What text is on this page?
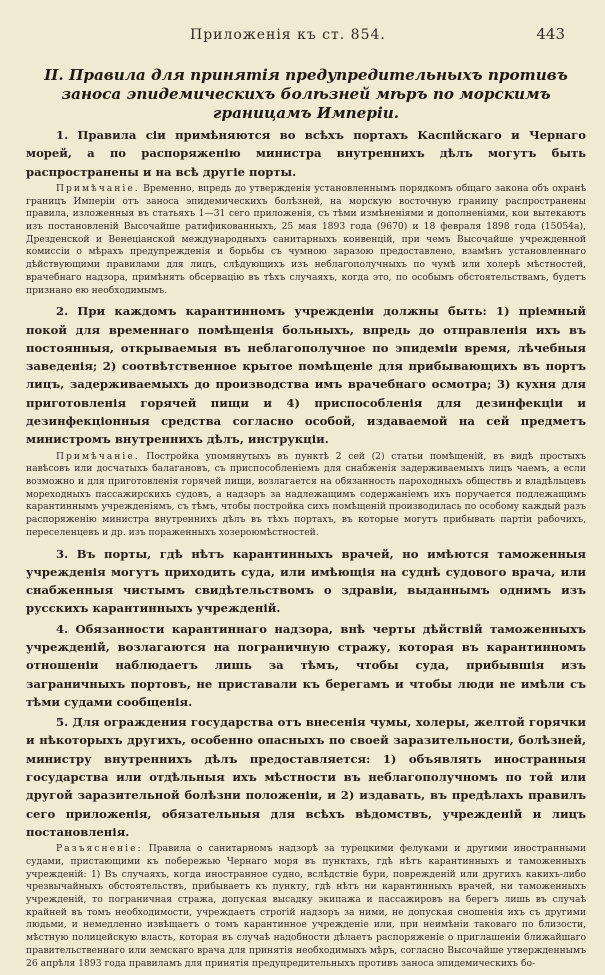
Приложенія къ ст. 854.	443
II. Правила для принятія предупредительныхъ противъ заноса эпидемическихъ болѣзней мѣръ по морскимъ границамъ Имперіи.

1. Правила сіи примѣняются во всѣхъ портахъ Каспійскаго и Чернаго морей, а по распоряженію министра внутреннихъ дѣлъ могутъ быть распространены и на всѣ другіе порты.

Примѣчаніе. Временно, впредь до утвержденія установленнымъ порядкомъ общаго закона объ охранѣ границъ Имперіи отъ заноса эпидемическихъ болѣзней, на морскую восточную границу распространены правила, изложенныя въ статьяхъ 1—31 сего приложенія, съ тѣми измѣненіями и дополненіями, кои вытекаютъ изъ постановленій Высочайше ратификованныхъ, 25 мая 1893 года (9670) и 18 февраля 1898 года (15054а), Дрезденской и Венеціанской международныхъ санитарныхъ конвенцій, при чемъ Высочайше учрежденной комиссіи о мѣрахъ предупрежденія и борьбы съ чумною заразою предоставлено, взамѣнъ установленнаго дѣйствующими правилами для лицъ, слѣдующихъ изъ неблагополучныхъ по чумѣ или холерѣ мѣстностей, врачебнаго надзора, примѣнять обсервацію въ тѣхъ случаяхъ, когда это, по особымъ обстоятельствамъ, будетъ признано ею необходимымъ.

2. При каждомъ карантинномъ учрежденіи должны быть: 1) пріемный покой для временнаго помѣщенія больныхъ, впредь до отправленія ихъ въ постоянныя, открываемыя въ неблагополучное по эпидеміи время, лѣчебныя заведенія; 2) соотвѣтственное крытое помѣщеніе для прибывающихъ въ портъ лицъ, задерживаемыхъ до производства имъ врачебнаго осмотра; 3) кухня для приготовленія горячей пищи и 4) приспособленія для дезинфекціи и дезинфекціонныя средства согласно особой, издаваемой на сей предметъ министромъ внутреннихъ дѣлъ, инструкціи.

Примѣчаніе. Постройка упомянутыхъ въ пунктѣ 2 сей (2) статьи помѣщеній, въ видѣ простыхъ навѣсовъ или досчатыхъ балагановъ, съ приспособленіемъ для снабженія задерживаемыхъ лицъ чаемъ, а если возможно и для приготовленія горячей пищи, возлагается на обязанность пароходныхъ обществъ и владѣльцевъ мореходныхъ пассажирскихъ судовъ, а надзоръ за надлежащимъ содержаніемъ ихъ поручается подлежащимъ карантиннымъ учрежденіямъ, съ тѣмъ, чтобы постройка сихъ помѣщеній производилась по особому каждый разъ распоряженію министра внутреннихъ дѣлъ въ тѣхъ портахъ, въ которые могутъ прибывать партіи рабочихъ, переселенцевъ и др. изъ пораженныхъ хозероюмѣстностей.

3. Въ порты, гдѣ нѣтъ карантинныхъ врачей, но имѣются таможенныя учрежденія могутъ приходить суда, или имѣющія на суднѣ судового врача, или снабженныя чистымъ свидѣтельствомъ о здравіи, выданнымъ однимъ изъ русскихъ карантинныхъ учрежденій.

4. Обязанности карантиннаго надзора, внѣ черты дѣйствій таможенныхъ учрежденій, возлагаются на пограничную стражу, которая въ карантинномъ отношеніи наблюдаетъ лишь за тѣмъ, чтобы суда, прибывшія изъ заграничныхъ портовъ, не приставали къ берегамъ и чтобы люди не имѣли съ тѣми судами сообщенія.

5. Для ограждения государства отъ внесенія чумы, холеры, желтой горячки и нѣкоторыхъ другихъ, особенно опасныхъ по своей заразительности, болѣзней, министру внутреннихъ дѣлъ предоставляется: 1) объявлять иностранныя государства или отдѣльныя ихъ мѣстности въ неблагополучномъ по той или другой заразительной болѣзни положеніи, и 2) издавать, въ предѣлахъ правилъ сего приложенія, обязательныя для всѣхъ вѣдомствъ, учрежденій и лицъ постановленія.

Разъясненіе: Правила о санитарномъ надзорѣ за турецкими фелуками и другими иностранными судами, пристающими къ побережью Чернаго моря въ пунктахъ, гдѣ нѣтъ карантинныхъ и таможенныхъ учрежденій: 1) Въ случаяхъ, когда иностранное судно, вслѣдствіе бури, поврежденій или другихъ какихъ-либо чрезвычайныхъ обстоятельствъ, прибываетъ къ пункту, гдѣ нѣтъ ни карантинныхъ врачей, ни таможенныхъ учрежденій, то пограничная стража, допуская высадку экипажа и пассажировъ на берегъ лишь въ случаѣ крайней въ томъ необходимости, учреждаетъ строгій надзоръ за ними, не допуская сношенія ихъ съ другими людьми, и немедленно извѣщаетъ о томъ карантинное учрежденіе или, при неимѣніи таковаго по близости, мѣстную полицейскую власть, которая въ случаѣ надобности дѣлаетъ распоряженіе о приглашеніи ближайшаго правительственнаго или земскаго врача для принятія необходимыхъ мѣръ, согласно Высочайше утвержденнымъ 26 апрѣля 1893 года правиламъ для принятія предупредительныхъ противъ заноса эпидемическихъ бо-
